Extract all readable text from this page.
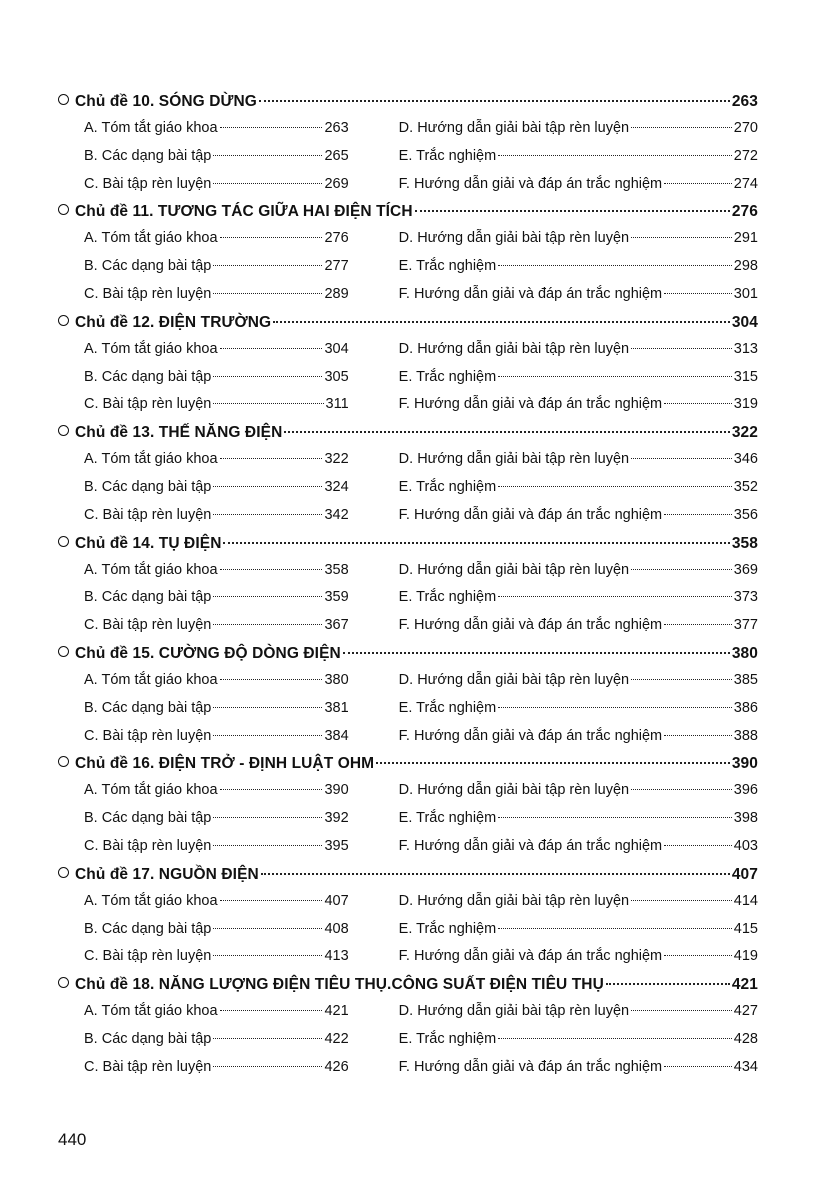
Chủ đề 10. SÓNG DỪNG	263
A. Tóm tắt giáo khoa	263	D. Hướng dẫn giải bài tập rèn luyện	270
B. Các dạng bài tập	265	E. Trắc nghiệm	272
C. Bài tập rèn luyện	269	F. Hướng dẫn giải và đáp án trắc nghiệm	274
Chủ đề 11. TƯƠNG TÁC GIỮA HAI ĐIỆN TÍCH	276
A. Tóm tắt giáo khoa	276	D. Hướng dẫn giải bài tập rèn luyện	291
B. Các dạng bài tập	277	E. Trắc nghiệm	298
C. Bài tập rèn luyện	289	F. Hướng dẫn giải và đáp án trắc nghiệm	301
Chủ đề 12. ĐIỆN TRƯỜNG	304
A. Tóm tắt giáo khoa	304	D. Hướng dẫn giải bài tập rèn luyện	313
B. Các dạng bài tập	305	E. Trắc nghiệm	315
C. Bài tập rèn luyện	311	F. Hướng dẫn giải và đáp án trắc nghiệm	319
Chủ đề 13. THẾ NĂNG ĐIỆN	322
A. Tóm tắt giáo khoa	322	D. Hướng dẫn giải bài tập rèn luyện	346
B. Các dạng bài tập	324	E. Trắc nghiệm	352
C. Bài tập rèn luyện	342	F. Hướng dẫn giải và đáp án trắc nghiệm	356
Chủ đề 14. TỤ ĐIỆN	358
A. Tóm tắt giáo khoa	358	D. Hướng dẫn giải bài tập rèn luyện	369
B. Các dạng bài tập	359	E. Trắc nghiệm	373
C. Bài tập rèn luyện	367	F. Hướng dẫn giải và đáp án trắc nghiệm	377
Chủ đề 15. CƯỜNG ĐỘ DÒNG ĐIỆN	380
A. Tóm tắt giáo khoa	380	D. Hướng dẫn giải bài tập rèn luyện	385
B. Các dạng bài tập	381	E. Trắc nghiệm	386
C. Bài tập rèn luyện	384	F. Hướng dẫn giải và đáp án trắc nghiệm	388
Chủ đề 16. ĐIỆN TRỞ - ĐỊNH LUẬT OHM	390
A. Tóm tắt giáo khoa	390	D. Hướng dẫn giải bài tập rèn luyện	396
B. Các dạng bài tập	392	E. Trắc nghiệm	398
C. Bài tập rèn luyện	395	F. Hướng dẫn giải và đáp án trắc nghiệm	403
Chủ đề 17. NGUỒN ĐIỆN	407
A. Tóm tắt giáo khoa	407	D. Hướng dẫn giải bài tập rèn luyện	414
B. Các dạng bài tập	408	E. Trắc nghiệm	415
C. Bài tập rèn luyện	413	F. Hướng dẫn giải và đáp án trắc nghiệm	419
Chủ đề 18. NĂNG LƯỢNG ĐIỆN TIÊU THỤ.CÔNG SUẤT ĐIỆN TIÊU THỤ	421
A. Tóm tắt giáo khoa	421	D. Hướng dẫn giải bài tập rèn luyện	427
B. Các dạng bài tập	422	E. Trắc nghiệm	428
C. Bài tập rèn luyện	426	F. Hướng dẫn giải và đáp án trắc nghiệm	434
440
